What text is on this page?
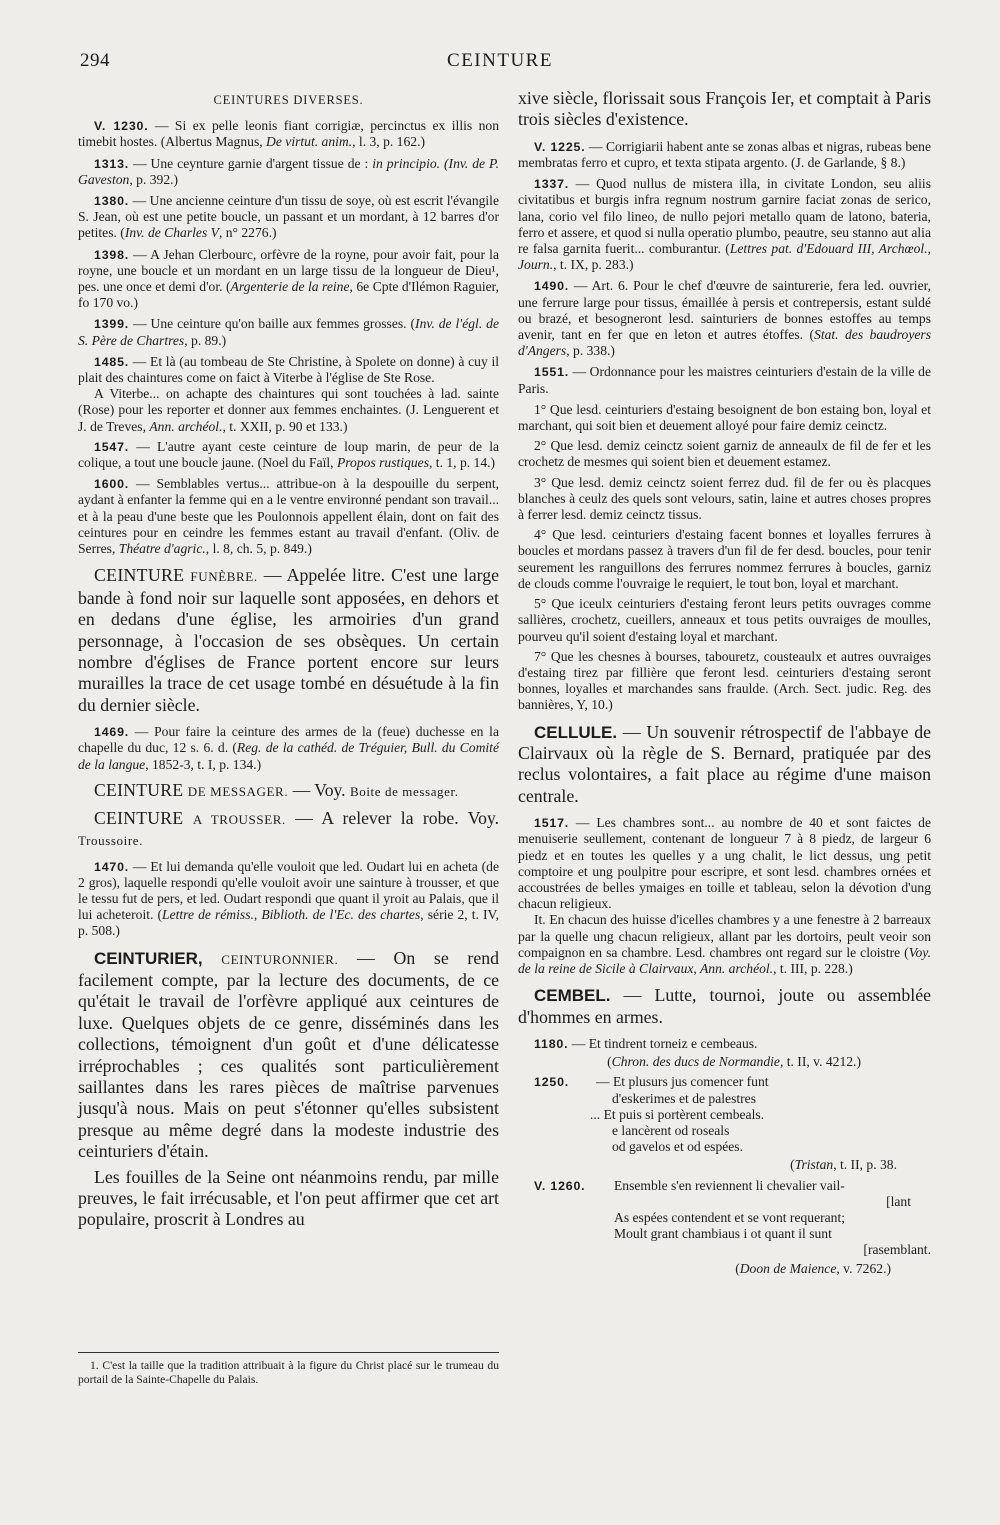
294	CEINTURE
CEINTURES DIVERSES.

V. 1230. — Si ex pelle leonis fiant corrigiæ, percinctus ex illis non timebit hostes. (Albertus Magnus, De virtut. anim., l. 3, p. 162.)

1313. — Une ceynture garnie d'argent tissue de : in principio. (Inv. de P. Gaveston, p. 392.)

1380. — Une ancienne ceinture d'un tissu de soye, où est escrit l'évangile S. Jean, où est une petite boucle, un passant et un mordant, à 12 barres d'or petites. (Inv. de Charles V, n° 2276.)

1398. — A Jehan Clerbourc, orfèvre de la royne, pour avoir fait, pour la royne, une boucle et un mordant en un large tissu de la longueur de Dieu¹, pes. une once et demi d'or. (Argenterie de la reine, 6e Cpte d'Ilémon Raguier, fo 170 vo.)

1399. — Une ceinture qu'on baille aux femmes grosses. (Inv. de l'égl. de S. Père de Chartres, p. 89.)

1485. — Et là (au tombeau de Ste Christine, à Spolete on donne) à cuy il plait des chaintures come on faict à Viterbe à l'église de Ste Rose.

A Viterbe... on achapte des chaintures qui sont touchées à lad. sainte (Rose) pour les reporter et donner aux femmes enchaintes. (J. Lenguerent et J. de Treves, Ann. archéol., t. XXII, p. 90 et 133.)

1547. — L'autre ayant ceste ceinture de loup marin, de peur de la colique, a tout une boucle jaune. (Noel du Faïl, Propos rustiques, t. 1, p. 14.)

1600. — Semblables vertus... attribue-on à la despouille du serpent, aydant à enfanter la femme qui en a le ventre environné pendant son travail... et à la peau d'une beste que les Poulonnois appellent élain, dont on fait des ceintures pour en ceindre les femmes estant au travail d'enfant. (Oliv. de Serres, Théatre d'agric., l. 8, ch. 5, p. 849.)

CEINTURE FUNÈBRE. — Appelée litre. C'est une large bande à fond noir sur laquelle sont apposées, en dehors et en dedans d'une église, les armoiries d'un grand personnage, à l'occasion de ses obsèques. Un certain nombre d'églises de France portent encore sur leurs murailles la trace de cet usage tombé en désuétude à la fin du dernier siècle.

1469. — Pour faire la ceinture des armes de la (feue) duchesse en la chapelle du duc, 12 s. 6. d. (Reg. de la cathéd. de Tréguier, Bull. du Comité de la langue, 1852-3, t. I, p. 134.)

CEINTURE DE MESSAGER. — Voy. Boite de messager.

CEINTURE A TROUSSER. — A relever la robe. Voy. Troussoire.

1470. — Et lui demanda qu'elle vouloit que led. Oudart lui en acheta (de 2 gros), laquelle respondi qu'elle vouloit avoir une sainture à trousser, et que le tessu fut de pers, et led. Oudart respondi que quant il yroit au Palais, que il lui acheteroit. (Lettre de rémiss., Biblioth. de l'Ec. des chartes, série 2, t. IV, p. 508.)

CEINTURIER, CEINTURONNIER. — On se rend facilement compte, par la lecture des documents, de ce qu'était le travail de l'orfèvre appliqué aux ceintures de luxe. Quelques objets de ce genre, disséminés dans les collections, témoignent d'un goût et d'une délicatesse irréprochables ; ces qualités sont particulièrement saillantes dans les rares pièces de maîtrise parvenues jusqu'à nous. Mais on peut s'étonner qu'elles subsistent presque au même degré dans la modeste industrie des ceinturiers d'étain.

Les fouilles de la Seine ont néanmoins rendu, par mille preuves, le fait irrécusable, et l'on peut affirmer que cet art populaire, proscrit à Londres au

1. C'est la taille que la tradition attribuait à la figure du Christ placé sur le trumeau du portail de la Sainte-Chapelle du Palais.

xive siècle, florissait sous François Ier, et comptait à Paris trois siècles d'existence.

V. 1225. — Corrigiarii habent ante se zonas albas et nigras, rubeas bene membratas ferro et cupro, et texta stipata argento. (J. de Garlande, § 8.)

1337. — Quod nullus de mistera illa, in civitate London, seu aliis civitatibus et burgis infra regnum nostrum garnire faciat zonas de serico, lana, corio vel filo lineo, de nullo pejori metallo quam de latono, bateria, ferro et assere, et quod si nulla operatio plumbo, peautre, seu stanno aut alia re falsa garnita fuerit... comburantur. (Lettres pat. d'Edouard III, Archœol., Journ., t. IX, p. 283.)

1490. — Art. 6. Pour le chef d'œuvre de sainturerie, fera led. ouvrier, une ferrure large pour tissus, émaillée à persis et contrepersis, estant suldé ou brazé, et besogneront lesd. sainturiers de bonnes estoffes au temps avenir, tant en fer que en leton et autres étoffes. (Stat. des baudroyers d'Angers, p. 338.)

1551. — Ordonnance pour les maistres ceinturiers d'estain de la ville de Paris.

1° Que lesd. ceinturiers d'estaing besoignent de bon estaing bon, loyal et marchant, qui soit bien et deuement alloyé pour faire demiz ceinctz.

2° Que lesd. demiz ceinctz soient garniz de anneaulx de fil de fer et les crochetz de mesmes qui soient bien et deuement estamez.

3° Que lesd. demiz ceinctz soient ferrez dud. fil de fer ou ès placques blanches à ceulz des quels sont velours, satin, laine et autres choses propres à ferrer lesd. demiz ceinctz tissus.

4° Que lesd. ceinturiers d'estaing facent bonnes et loyalles ferrures à boucles et mordans passez à travers d'un fil de fer desd. boucles, pour tenir seurement les ranguillons des ferrures nommez ferrures à boucles, garniz de clouds comme l'ouvraige le requiert, le tout bon, loyal et marchant.

5° Que iceulx ceinturiers d'estaing feront leurs petits ouvrages comme sallières, crochetz, cueillers, anneaux et tous petits ouvraiges de moulles, pourveu qu'il soient d'estaing loyal et marchant.

7° Que les chesnes à bourses, tabouretz, cousteaulx et autres ouvraiges d'estaing tirez par fillière que feront lesd. ceinturiers d'estaing seront bonnes, loyalles et marchandes sans fraulde. (Arch. Sect. judic. Reg. des bannières, Y, 10.)

CELLULE. — Un souvenir rétrospectif de l'abbaye de Clairvaux où la règle de S. Bernard, pratiquée par des reclus volontaires, a fait place au régime d'une maison centrale.

1517. — Les chambres sont... au nombre de 40 et sont faictes de menuiserie seullement, contenant de longueur 7 à 8 piedz, de largeur 6 piedz et en toutes les quelles y a ung chalit, le lict dessus, ung petit comptoire et ung poulpitre pour escripre, et sont lesd. chambres ornées et accoustrées de belles ymaiges en toille et tableau, selon la dévotion d'ung chacun religieux.

It. En chacun des huisse d'icelles chambres y a une fenestre à 2 barreaux par la quelle ung chacun religieux, allant par les dortoirs, peult veoir son compaignon en sa chambre. Lesd. chambres ont regard sur le cloistre (Voy. de la reine de Sicile à Clairvaux, Ann. archéol., t. III, p. 228.)

CEMBEL. — Lutte, tournoi, joute ou assemblée d'hommes en armes.

1180. — Et tindrent torneiz e cembeaus.
(Chron. des ducs de Normandie, t. II, v. 4212.)
1250.	— Et plusurs jus comencer funt
d'eskerimes et de palestres
... Et puis si portèrent cembeals.
e lancèrent od roseals
od gavelos et od espées.
(Tristan, t. II, p. 38.
V. 1260.	Ensemble s'en reviennent li chevalier vail-
[lant
As espées contendent et se vont requerant;
Moult grant chambiaus i ot quant il sunt
[rasemblant.
(Doon de Maience, v. 7262.)
